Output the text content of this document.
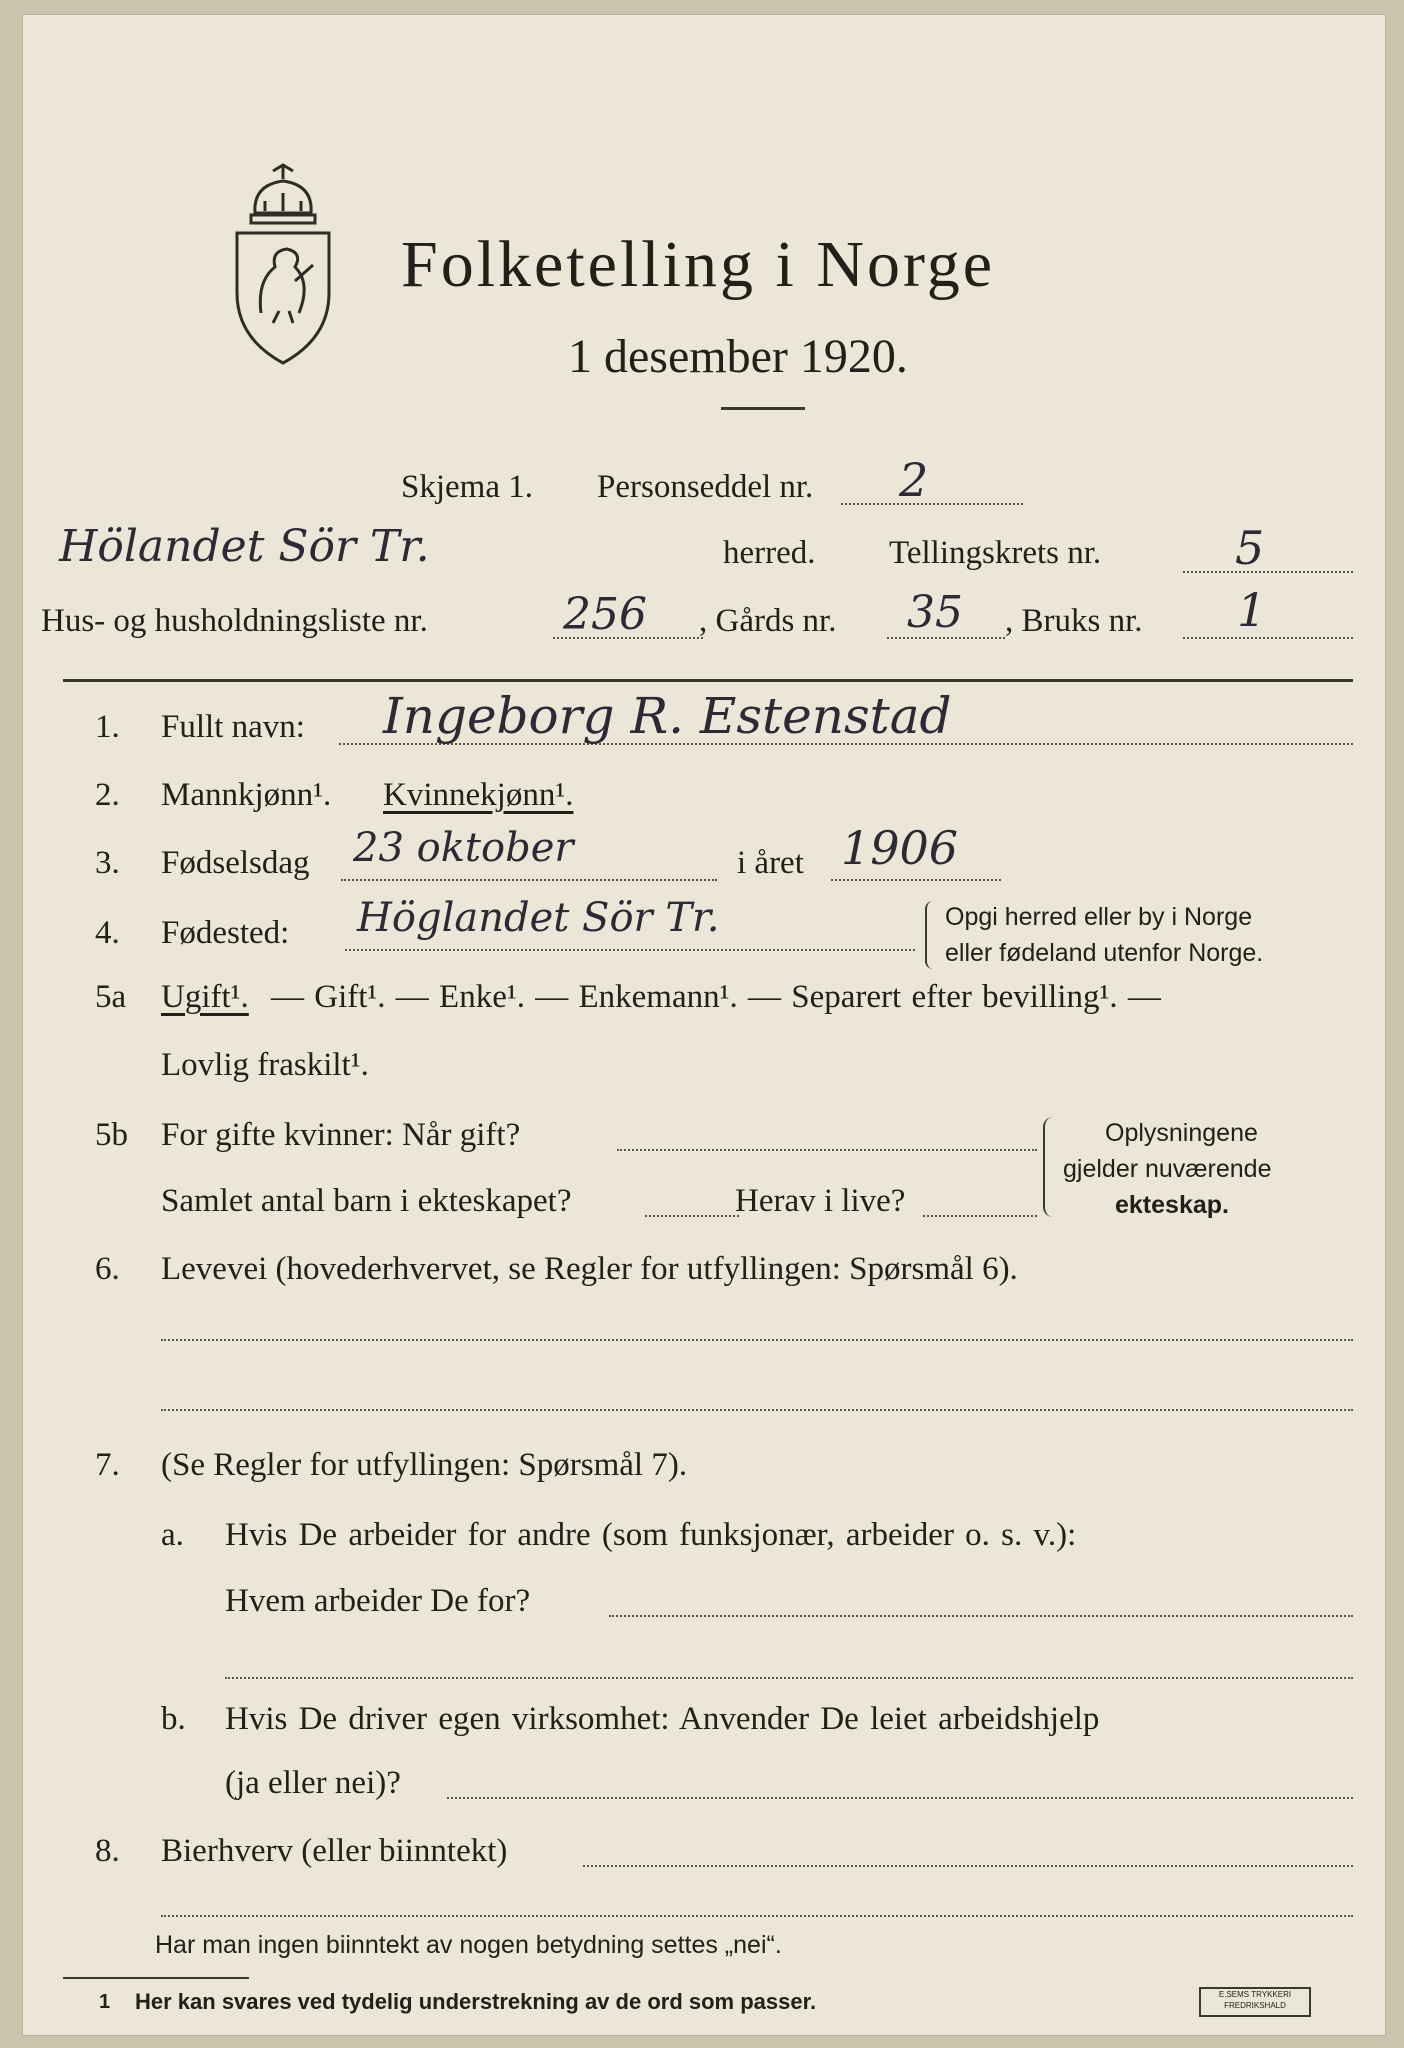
Folketelling i Norge
1 desember 1920.
Skjema 1. Personseddel nr. 2
Hölandet Sör Tr.	herred. Tellingskrets nr.	5
Hus- og husholdningsliste nr.	256 , Gårds nr. 35 , Bruks nr. 1
1. Fullt navn: Ingeborg R. Estenstad
2. Mannkjønn¹. Kvinnekjønn¹.
3. Fødselsdag 23 oktober	i året 1906
4. Fødested: Höglandet Sör Tr.	Opgi herred eller by i Norge
eller fødeland utenfor Norge.
5a Ugift¹. — Gift¹. — Enke¹. — Enkemann¹. — Separert efter bevilling¹. —
Lovlig fraskilt¹.
5b For gifte kvinner: Når gift?
Samlet antal barn i ekteskapet?	Herav i live?
Oplysningene
gjelder nuværende
ekteskap.
6. Levevei (hovederhvervet, se Regler for utfyllingen: Spørsmål 6).
7. (Se Regler for utfyllingen: Spørsmål 7).
a. Hvis De arbeider for andre (som funksjonær, arbeider o. s. v.):
Hvem arbeider De for?
b. Hvis De driver egen virksomhet: Anvender De leiet arbeidshjelp
(ja eller nei)?
8. Bierhverv (eller biinntekt)
Har man ingen biinntekt av nogen betydning settes „nei“.
1 Her kan svares ved tydelig understrekning av de ord som passer.	E.SEMS TRYKKERI
FREDRIKSHALD
